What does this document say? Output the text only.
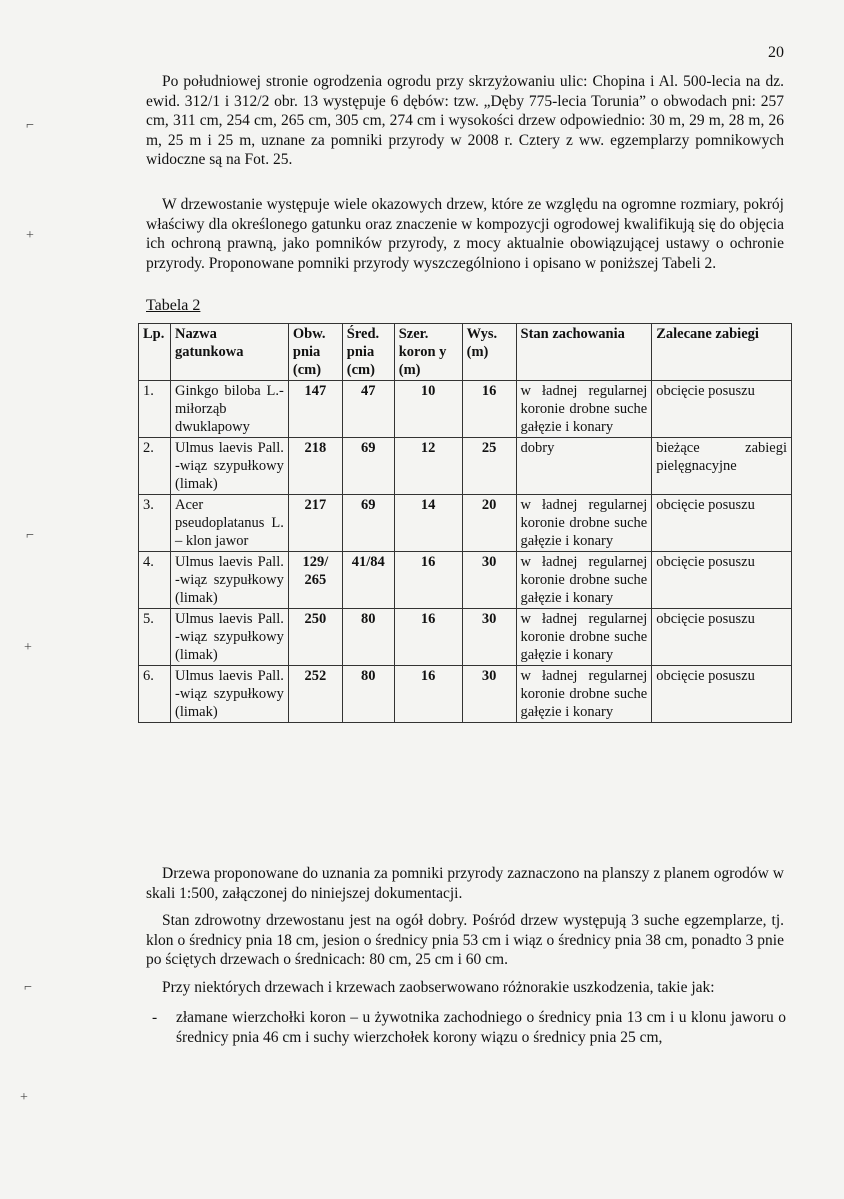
20

Po południowej stronie ogrodzenia ogrodu przy skrzyżowaniu ulic: Chopina i Al. 500-lecia na dz. ewid. 312/1 i 312/2 obr. 13 występuje 6 dębów: tzw. „Dęby 775-lecia Torunia” o obwodach pni: 257 cm, 311 cm, 254 cm, 265 cm, 305 cm, 274 cm i wysokości drzew odpowiednio: 30 m, 29 m, 28 m, 26 m, 25 m i 25 m, uznane za pomniki przyrody w 2008 r. Cztery z ww. egzemplarzy pomnikowych widoczne są na Fot. 25.

W drzewostanie występuje wiele okazowych drzew, które ze względu na ogromne rozmiary, pokrój właściwy dla określonego gatunku oraz znaczenie w kompozycji ogrodowej kwalifikują się do objęcia ich ochroną prawną, jako pomników przyrody, z mocy aktualnie obowiązującej ustawy o ochronie przyrody. Proponowane pomniki przyrody wyszczególniono i opisano w poniższej Tabeli 2.

Tabela 2
Lp.	Nazwa gatunkowa	Obw. pnia (cm)	Śred. pnia (cm)	Szer. koron y (m)	Wys. (m)	Stan zachowania	Zalecane zabiegi
1.	Ginkgo biloba L.-miłorząb dwuklapowy	147	47	10	16	w ładnej regularnej koronie drobne suche gałęzie i konary	obcięcie posuszu
2.	Ulmus laevis Pall. -wiąz szypułkowy (limak)	218	69	12	25	dobry	bieżące zabiegi pielęgnacyjne
3.	Acer pseudoplatanus L. – klon jawor	217	69	14	20	w ładnej regularnej koronie drobne suche gałęzie i konary	obcięcie posuszu
4.	Ulmus laevis Pall. -wiąz szypułkowy (limak)	129/ 265	41/84	16	30	w ładnej regularnej koronie drobne suche gałęzie i konary	obcięcie posuszu
5.	Ulmus laevis Pall. -wiąz szypułkowy (limak)	250	80	16	30	w ładnej regularnej koronie drobne suche gałęzie i konary	obcięcie posuszu
6.	Ulmus laevis Pall. -wiąz szypułkowy (limak)	252	80	16	30	w ładnej regularnej koronie drobne suche gałęzie i konary	obcięcie posuszu

Drzewa proponowane do uznania za pomniki przyrody zaznaczono na planszy z planem ogrodów w skali 1:500, załączonej do niniejszej dokumentacji.

Stan zdrowotny drzewostanu jest na ogół dobry. Pośród drzew występują 3 suche egzemplarze, tj. klon o średnicy pnia 18 cm, jesion o średnicy pnia 53 cm i wiąz o średnicy pnia 38 cm, ponadto 3 pnie po ściętych drzewach o średnicach: 80 cm, 25 cm i 60 cm.

Przy niektórych drzewach i krzewach zaobserwowano różnorakie uszkodzenia, takie jak:

- złamane wierzchołki koron – u żywotnika zachodniego o średnicy pnia 13 cm i u klonu jaworu o średnicy pnia 46 cm i suchy wierzchołek korony wiązu o średnicy pnia 25 cm,
⌐
+
⌐
+
⌐
+
